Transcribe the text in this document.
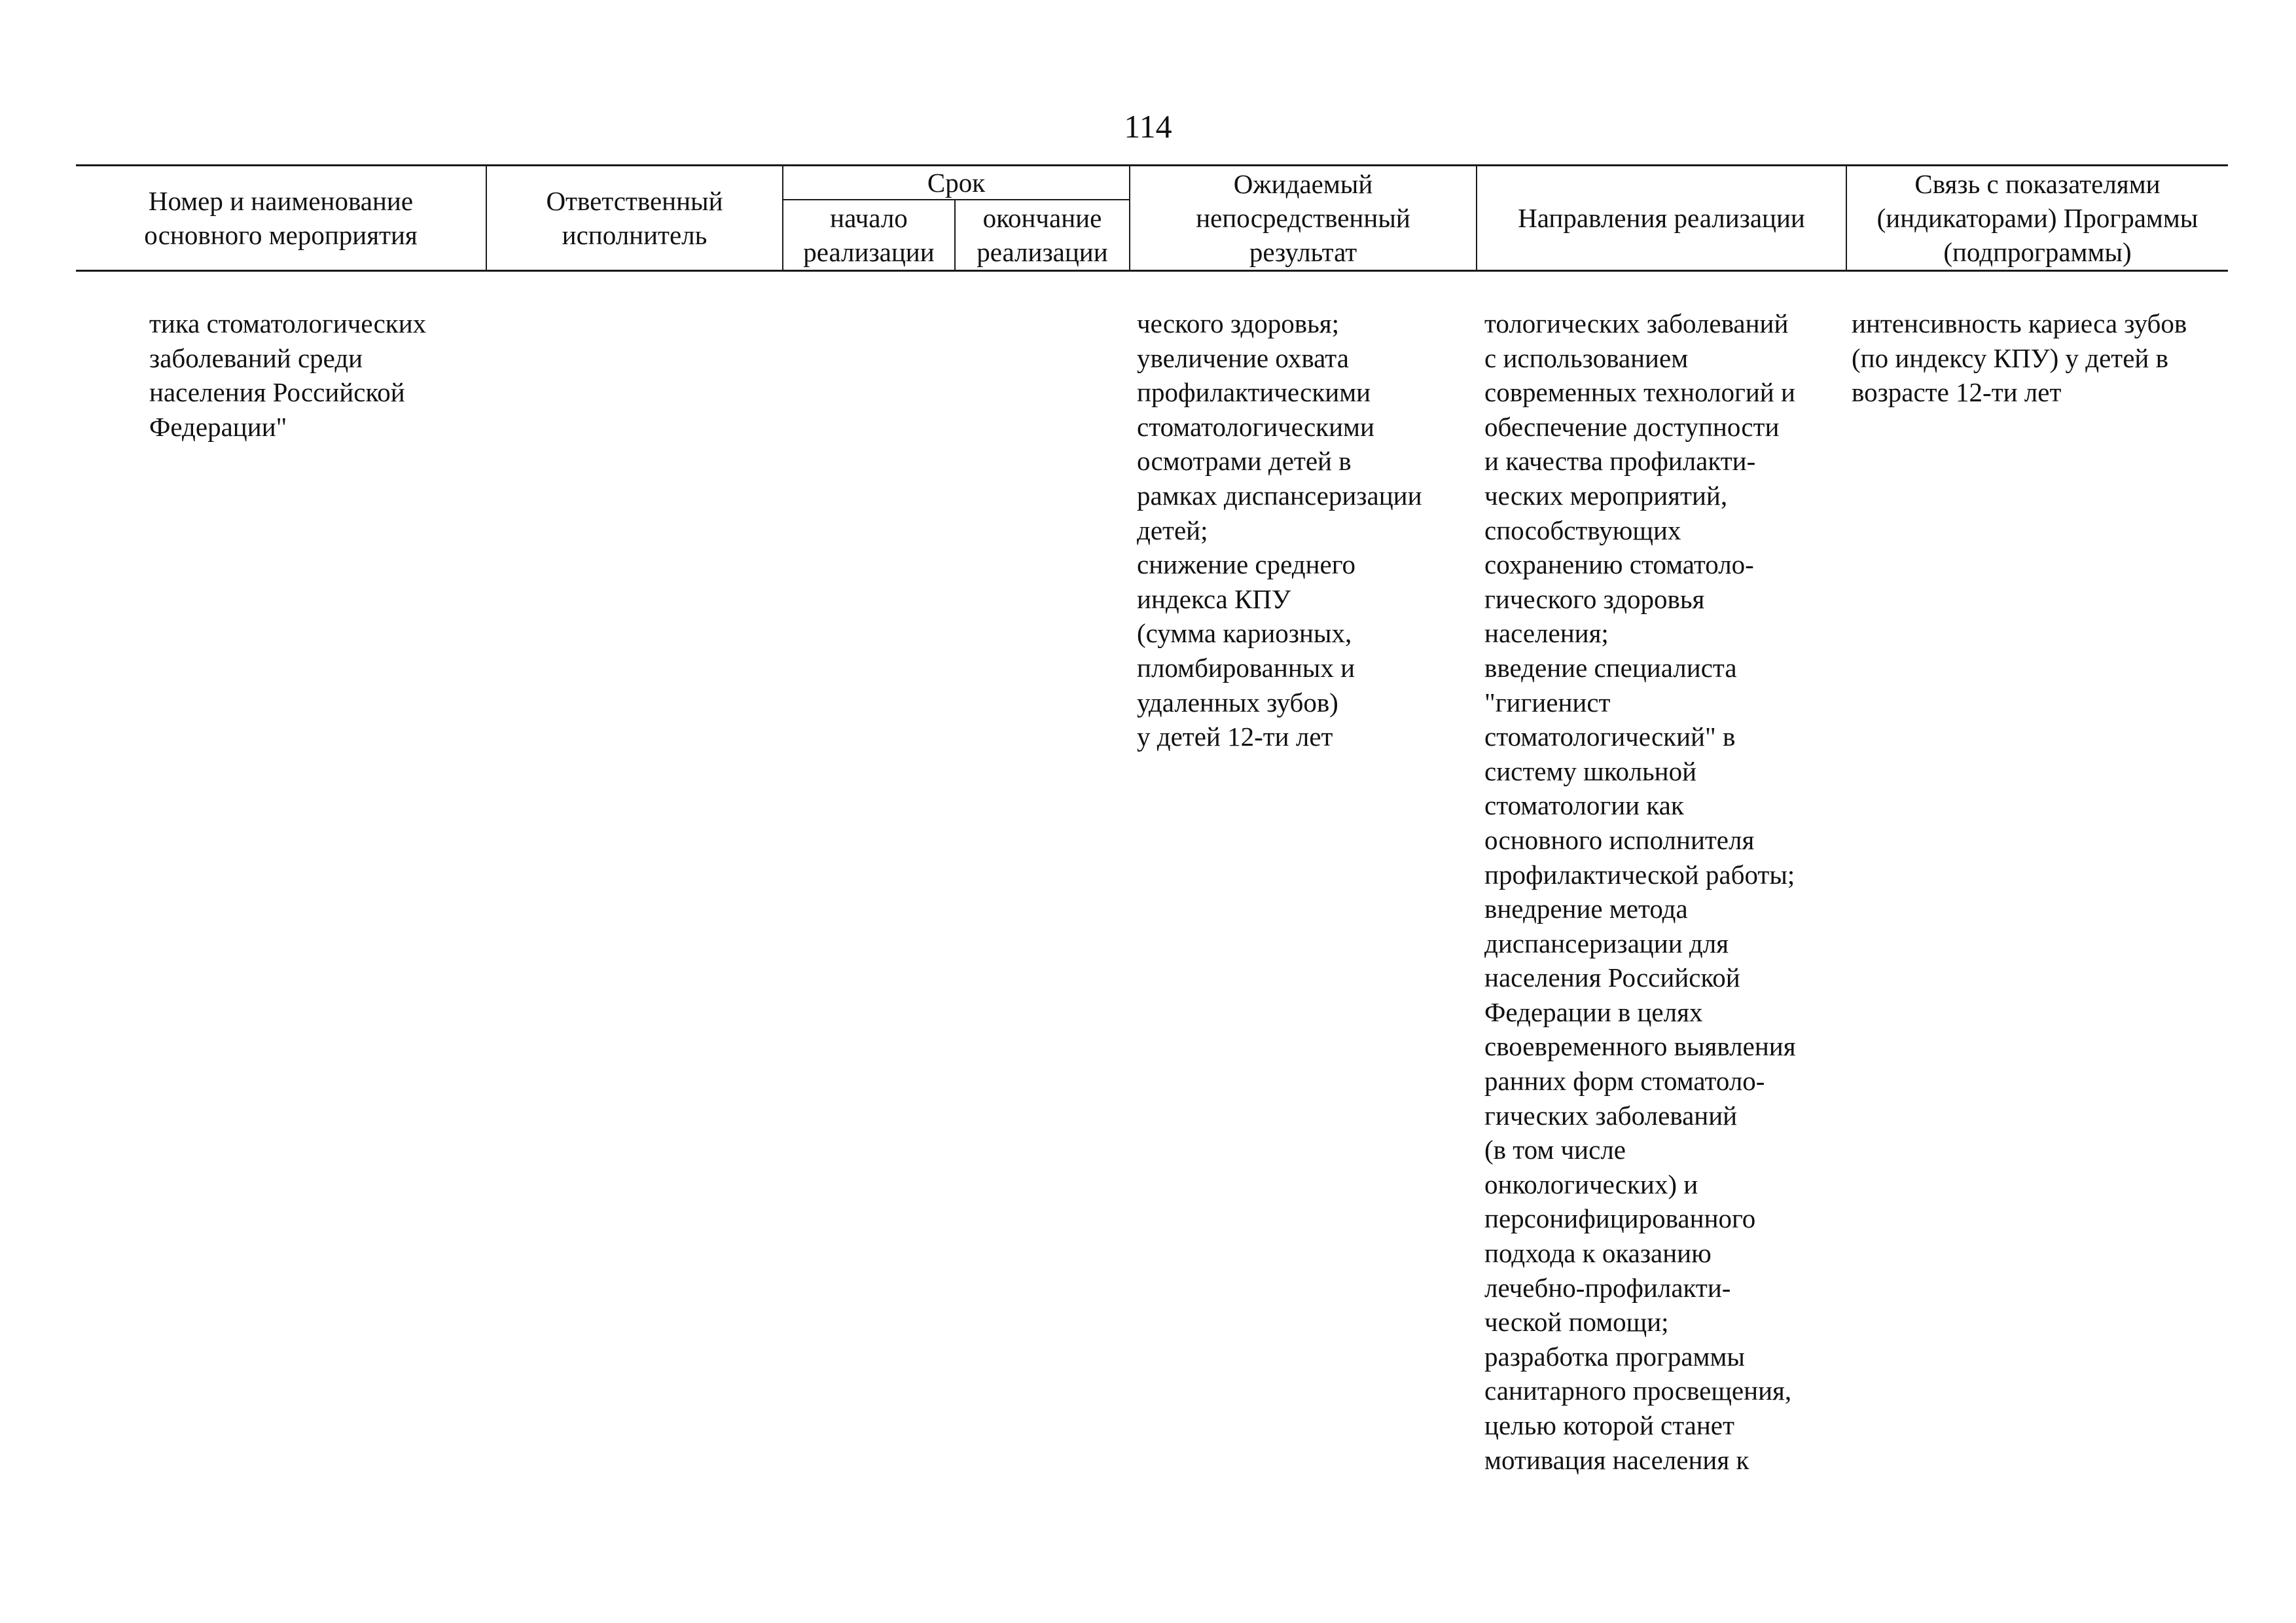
114
Номер и наименование
основного мероприятия
Ответственный
исполнитель
Срок
начало
реализации
окончание
реализации
Ожидаемый
непосредственный
результат
Направления реализации
Связь с показателями
(индикаторами) Программы
(подпрограммы)
тика стоматологических
заболеваний среди
населения Российской
Федерации"
ческого здоровья;
увеличение охвата
профилактическими
стоматологическими
осмотрами детей в
рамках диспансеризации
детей;
снижение среднего
индекса КПУ
(сумма кариозных,
пломбированных и
удаленных зубов)
у детей 12-ти лет
тологических заболеваний
с использованием
современных технологий и
обеспечение доступности
и качества профилакти-
ческих мероприятий,
способствующих
сохранению стоматоло-
гического здоровья
населения;
введение специалиста
"гигиенист
стоматологический" в
систему школьной
стоматологии как
основного исполнителя
профилактической работы;
внедрение метода
диспансеризации для
населения Российской
Федерации в целях
своевременного выявления
ранних форм стоматоло-
гических заболеваний
(в том числе
онкологических) и
персонифицированного
подхода к оказанию
лечебно-профилакти-
ческой помощи;
разработка программы
санитарного просвещения,
целью которой станет
мотивация населения к
интенсивность кариеса зубов
(по индексу КПУ) у детей в
возрасте 12-ти лет
